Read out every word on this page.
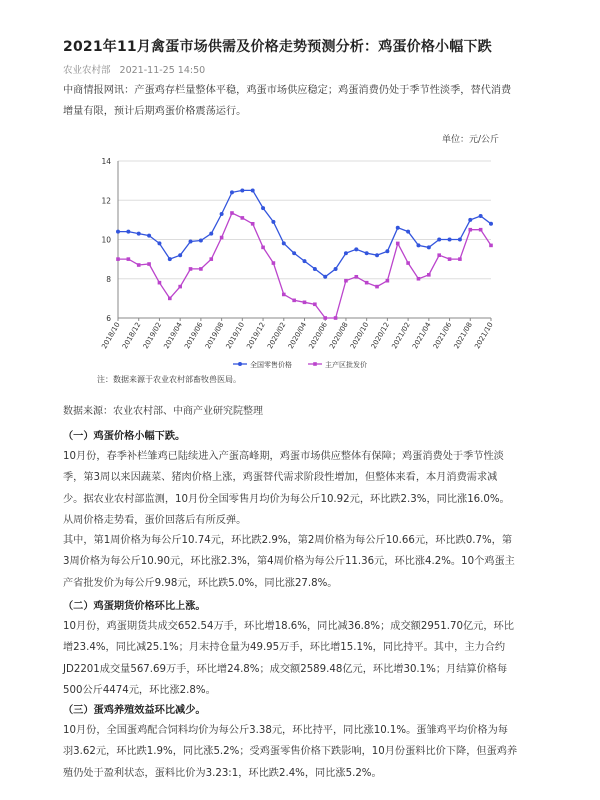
2021年11月禽蛋市场供需及价格走势预测分析：鸡蛋价格小幅下跌
农业农村部 2021-11-25 14:50
中商情报网讯：产蛋鸡存栏量整体平稳，鸡蛋市场供应稳定；鸡蛋消费仍处于季节性淡季，替代消费
增量有限，预计后期鸡蛋价格震荡运行。
单位：元/公斤
6
8
10
12
14
2018/10 2018/12 2019/02 2019/04 2019/06 2019/08 2019/10 2019/12 2020/02 2020/04 2020/06 2020/08 2020/10 2020/12 2021/02 2021/04 2021/06 2021/08 2021/10
全国零售价格	主产区批发价
注：数据来源于农业农村部畜牧兽医局。
数据来源：农业农村部、中商产业研究院整理
（一）鸡蛋价格小幅下跌。
10月份，春季补栏雏鸡已陆续进入产蛋高峰期，鸡蛋市场供应整体有保障；鸡蛋消费处于季节性淡
季，第3周以来因蔬菜、猪肉价格上涨，鸡蛋替代需求阶段性增加，但整体来看，本月消费需求减
少。据农业农村部监测，10月份全国零售月均价为每公斤10.92元，环比跌2.3%，同比涨16.0%。
从周价格走势看，蛋价回落后有所反弹。
其中，第1周价格为每公斤10.74元，环比跌2.9%，第2周价格为每公斤10.66元，环比跌0.7%，第
3周价格为每公斤10.90元，环比涨2.3%，第4周价格为每公斤11.36元，环比涨4.2%。10个鸡蛋主
产省批发价为每公斤9.98元，环比跌5.0%，同比涨27.8%。
（二）鸡蛋期货价格环比上涨。
10月份，鸡蛋期货共成交652.54万手，环比增18.6%，同比减36.8%；成交额2951.70亿元，环比
增23.4%，同比减25.1%；月末持仓量为49.95万手，环比增15.1%，同比持平。其中，主力合约
JD2201成交量567.69万手，环比增24.8%；成交额2589.48亿元，环比增30.1%；月结算价格每
500公斤4474元，环比涨2.8%。
（三）蛋鸡养殖效益环比减少。
10月份，全国蛋鸡配合饲料均价为每公斤3.38元，环比持平，同比涨10.1%。蛋雏鸡平均价格为每
羽3.62元，环比跌1.9%，同比涨5.2%；受鸡蛋零售价格下跌影响，10月份蛋料比价下降，但蛋鸡养
殖仍处于盈利状态，蛋料比价为3.23:1，环比跌2.4%，同比涨5.2%。
